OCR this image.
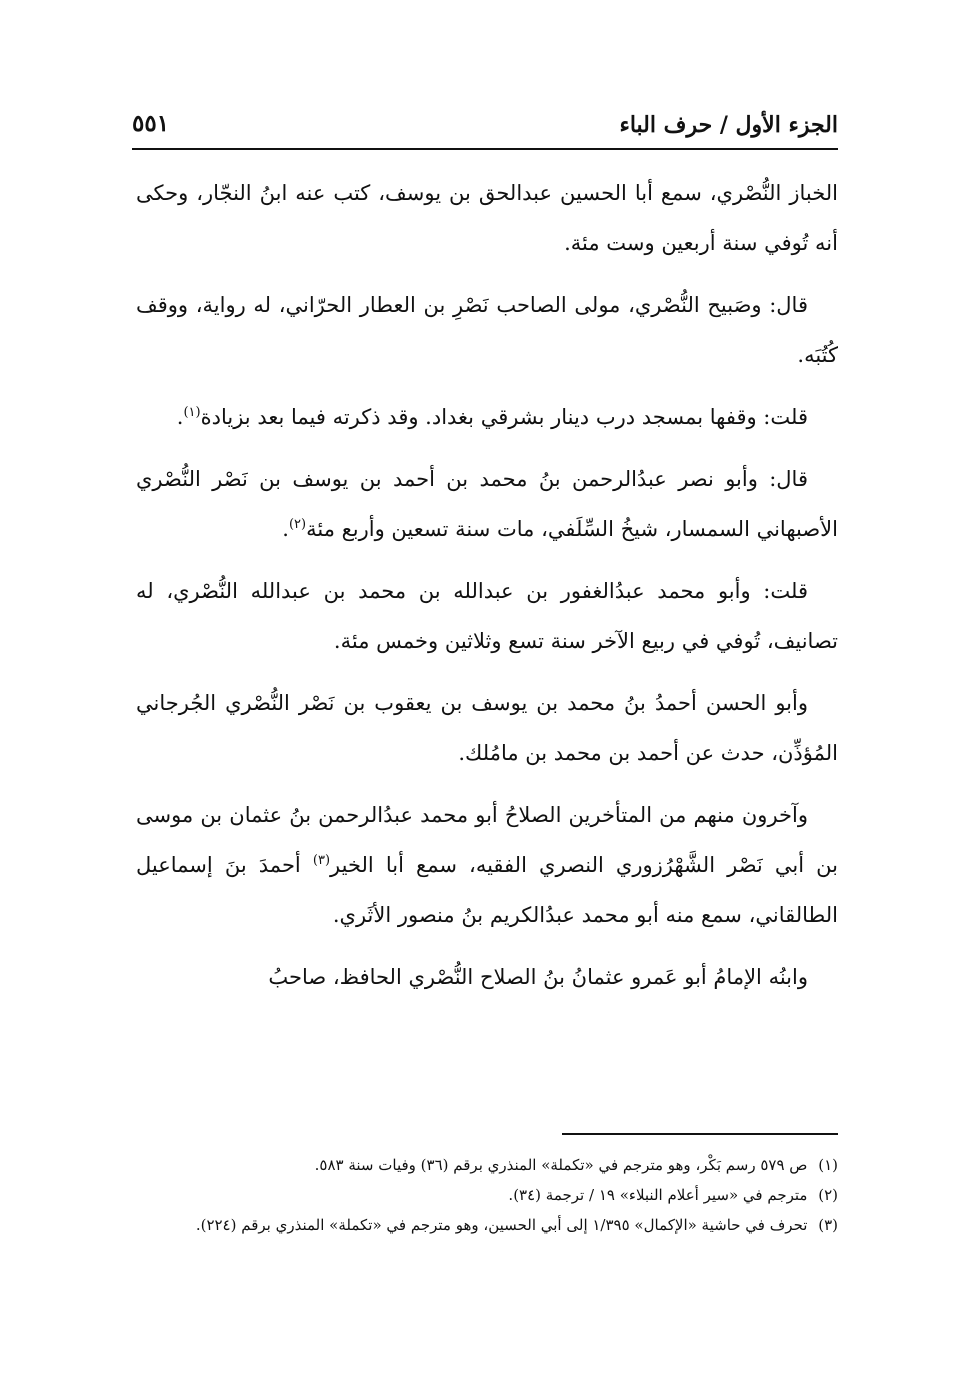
الجزء الأول / حرف الباء
٥٥١

الخباز النُّصْري، سمع أبا الحسين عبدالحق بن يوسف، كتب عنه ابنُ النجّار، وحكى أنه تُوفي سنة أربعين وست مئة.

قال: وصَبيح النُّصْري، مولى الصاحب نَصْرِ بن العطار الحرّاني، له رواية، ووقف كُتُبَه.

قلت: وقفها بمسجد درب دينار بشرقي بغداد. وقد ذكرته فيما بعد بزيادة$^{(١)}$.

قال: وأبو نصر عبدُالرحمن بنُ محمد بن أحمد بن يوسف بن نَصْر النُّصْري الأصبهاني السمسار، شيخُ السِّلَفي، مات سنة تسعين وأربع مئة$^{(٢)}$.

قلت: وأبو محمد عبدُالغفور بن عبدالله بن محمد بن عبدالله النُّصْري، له تصانيف، تُوفي في ربيع الآخر سنة تسع وثلاثين وخمس مئة.

وأبو الحسن أحمدُ بنُ محمد بن يوسف بن يعقوب بن نَصْر النُّصْري الجُرجاني المُؤذِّن، حدث عن أحمد بن محمد بن مامُلك.

وآخرون منهم من المتأخرين الصلاحُ أبو محمد عبدُالرحمن بنُ عثمان بن موسى بن أبي نَصْر الشَّهْرُزوري النصري الفقيه، سمع أبا الخير$^{(٣)}$ أحمدَ بنَ إسماعيل الطالقاني، سمع منه أبو محمد عبدُالكريم بنُ منصور الأثَري.

وابنُه الإمامُ أبو عَمرو عثمانُ بنُ الصلاح النُّصْري الحافظ، صاحبُ

(١) ص ٥٧٩ رسم بَكْر، وهو مترجم في «تكملة» المنذري برقم (٣٦) وفيات سنة ٥٨٣.

(٢) مترجم في «سير أعلام النبلاء» ١٩ / ترجمة (٣٤).

(٣) تحرف في حاشية «الإكمال» ١/٣٩٥ إلى أبي الحسين، وهو مترجم في «تكملة» المنذري برقم (٢٢٤).
